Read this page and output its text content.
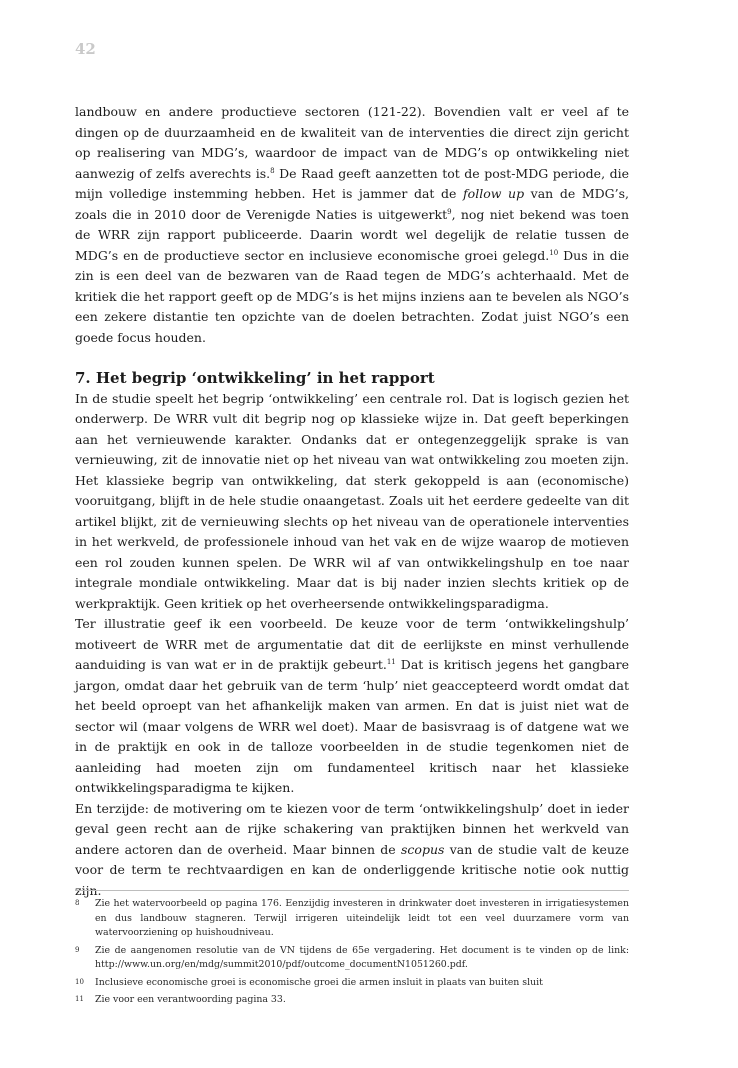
42

landbouw en andere productieve sectoren (121-22). Bovendien valt er veel af te dingen op de duurzaamheid en de kwaliteit van de interventies die direct zijn gericht op realisering van MDG’s, waardoor de impact van de MDG’s op ontwikkeling niet aanwezig of zelfs averechts is.$^8$ De Raad geeft aanzetten tot de post-MDG periode, die mijn volledige instemming hebben. Het is jammer dat de follow up van de MDG’s, zoals die in 2010 door de Verenigde Naties is uitgewerkt$^9$, nog niet bekend was toen de WRR zijn rapport publiceerde. Daarin wordt wel degelijk de relatie tussen de MDG’s en de productieve sector en inclusieve economische groei gelegd.$^{10}$ Dus in die zin is een deel van de bezwaren van de Raad tegen de MDG’s achterhaald. Met de kritiek die het rapport geeft op de MDG’s is het mijns inziens aan te bevelen als NGO’s een zekere distantie ten opzichte van de doelen betrachten. Zodat juist NGO’s een goede focus houden.

7. Het begrip ‘ontwikkeling’ in het rapport

In de studie speelt het begrip ‘ontwikkeling’ een centrale rol. Dat is logisch gezien het onderwerp. De WRR vult dit begrip nog op klassieke wijze in. Dat geeft beperkingen aan het vernieuwende karakter. Ondanks dat er ontegenzeggelijk sprake is van vernieuwing, zit de innovatie niet op het niveau van wat ontwikkeling zou moeten zijn. Het klassieke begrip van ontwikkeling, dat sterk gekoppeld is aan (economische) vooruitgang, blijft in de hele studie onaangetast. Zoals uit het eerdere gedeelte van dit artikel blijkt, zit de vernieuwing slechts op het niveau van de operationele interventies in het werkveld, de professionele inhoud van het vak en de wijze waarop de motieven een rol zouden kunnen spelen. De WRR wil af van ontwikkelingshulp en toe naar integrale mondiale ontwikkeling. Maar dat is bij nader inzien slechts kritiek op de werkpraktijk. Geen kritiek op het overheersende ontwikkelingsparadigma.

Ter illustratie geef ik een voorbeeld. De keuze voor de term ‘ontwikkelingshulp’ motiveert de WRR met de argumentatie dat dit de eerlijkste en minst verhullende aanduiding is van wat er in de praktijk gebeurt.$^{11}$ Dat is kritisch jegens het gangbare jargon, omdat daar het gebruik van de term ‘hulp’ niet geaccepteerd wordt omdat dat het beeld oproept van het afhankelijk maken van armen. En dat is juist niet wat de sector wil (maar volgens de WRR wel doet). Maar de basisvraag is of datgene wat we in de praktijk en ook in de talloze voorbeelden in de studie tegenkomen niet de aanleiding had moeten zijn om fundamenteel kritisch naar het klassieke ontwikkelingsparadigma te kijken.

En terzijde: de motivering om te kiezen voor de term ‘ontwikkelingshulp’ doet in ieder geval geen recht aan de rijke schakering van praktijken binnen het werkveld van andere actoren dan de overheid. Maar binnen de scopus van de studie valt de keuze voor de term te rechtvaardigen en kan de onderliggende kritische notie ook nuttig zijn.

8	Zie het watervoorbeeld op pagina 176. Eenzijdig investeren in drinkwater doet investeren in irrigatiesystemen en dus landbouw stagneren. Terwijl irrigeren uiteindelijk leidt tot een veel duurzamere vorm van watervoorziening op huishoudniveau.
9	Zie de aangenomen resolutie van de VN tijdens de 65e vergadering. Het document is te vinden op de link: http://www.un.org/en/mdg/summit2010/pdf/outcome_documentN1051260.pdf.
10	Inclusieve economische groei is economische groei die armen insluit in plaats van buiten sluit
11	Zie voor een verantwoording pagina 33.
